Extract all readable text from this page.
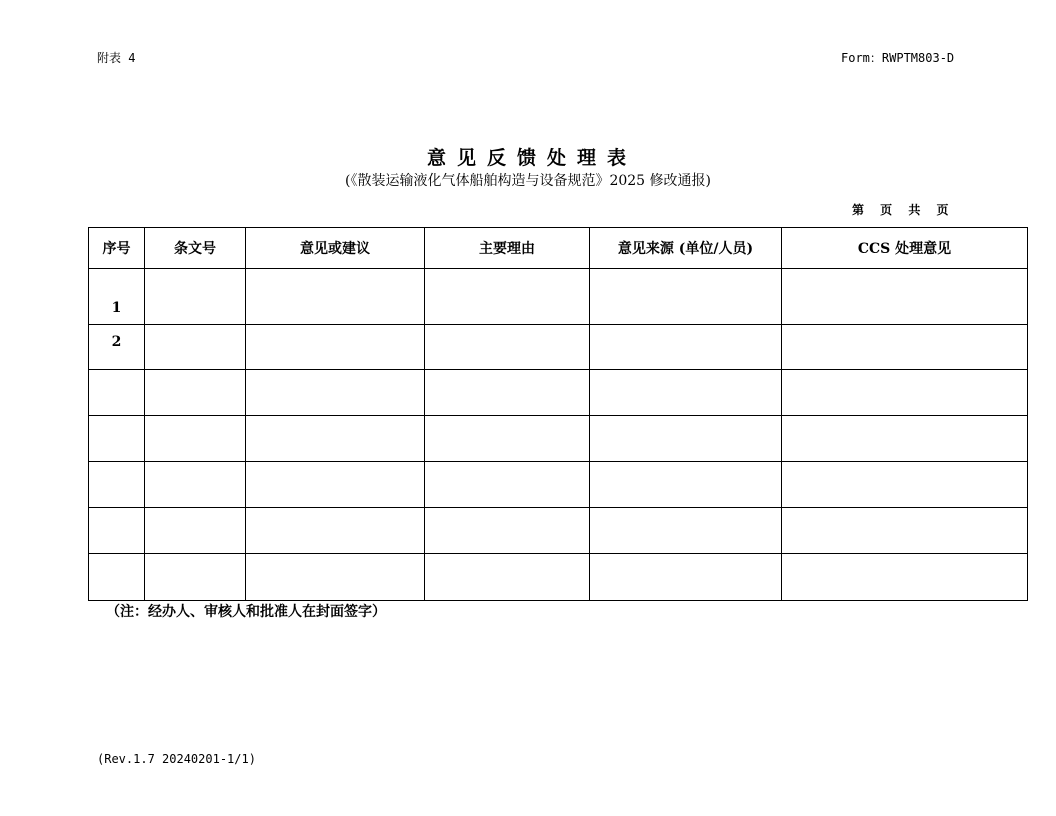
附表 4	Form：RWPTM803-D
意见反馈处理表
(《散装运输液化气体船舶构造与设备规范》2025 修改通报)
第 页 共 页
序号	条文号	意见或建议	主要理由	意见来源 (单位/人员)	CCS 处理意见
1					
2					

（注：经办人、审核人和批准人在封面签字）
(Rev.1.7 20240201-1/1)
